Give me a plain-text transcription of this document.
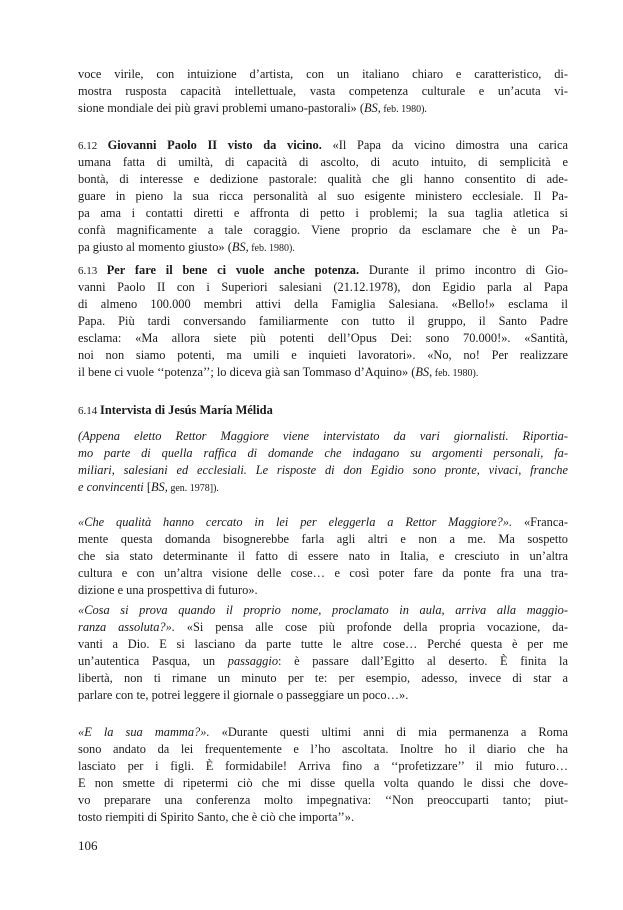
voce virile, con intuizione d’artista, con un italiano chiaro e caratteristico, di-
mostra rusposta capacità intellettuale, vasta competenza culturale e un’acuta vi-
sione mondiale dei più gravi problemi umano-pastorali» (BS, feb. 1980).
6.12 Giovanni Paolo II visto da vicino. «Il Papa da vicino dimostra una carica
umana fatta di umiltà, di capacità di ascolto, di acuto intuito, di semplicità e
bontà, di interesse e dedizione pastorale: qualità che gli hanno consentito di ade-
guare in pieno la sua ricca personalità al suo esigente ministero ecclesiale. Il Pa-
pa ama i contatti diretti e affronta di petto i problemi; la sua taglia atletica si
confà magnificamente a tale coraggio. Viene proprio da esclamare che è un Pa-
pa giusto al momento giusto» (BS, feb. 1980).
6.13 Per fare il bene ci vuole anche potenza. Durante il primo incontro di Gio-
vanni Paolo II con i Superiori salesiani (21.12.1978), don Egidio parla al Papa
di almeno 100.000 membri attivi della Famiglia Salesiana. «Bello!» esclama il
Papa. Più tardi conversando familiarmente con tutto il gruppo, il Santo Padre
esclama: «Ma allora siete più potenti dell’Opus Dei: sono 70.000!». «Santità,
noi non siamo potenti, ma umili e inquieti lavoratori». «No, no! Per realizzare
il bene ci vuole ‘‘potenza’’; lo diceva già san Tommaso d’Aquino» (BS, feb. 1980).
6.14 Intervista di Jesús María Mélida
(Appena eletto Rettor Maggiore viene intervistato da vari giornalisti. Riportia-
mo parte di quella raffica di domande che indagano su argomenti personali, fa-
miliari, salesiani ed ecclesiali. Le risposte di don Egidio sono pronte, vivaci, franche
e convincenti [BS, gen. 1978]).
«Che qualità hanno cercato in lei per eleggerla a Rettor Maggiore?». «Franca-
mente questa domanda bisognerebbe farla agli altri e non a me. Ma sospetto
che sia stato determinante il fatto di essere nato in Italia, e cresciuto in un’altra
cultura e con un’altra visione delle cose… e così poter fare da ponte fra una tra-
dizione e una prospettiva di futuro».
«Cosa si prova quando il proprio nome, proclamato in aula, arriva alla maggio-
ranza assoluta?». «Si pensa alle cose più profonde della propria vocazione, da-
vanti a Dio. E si lasciano da parte tutte le altre cose… Perché questa è per me
un’autentica Pasqua, un passaggio: è passare dall’Egitto al deserto. È finita la
libertà, non ti rimane un minuto per te: per esempio, adesso, invece di star a
parlare con te, potrei leggere il giornale o passeggiare un poco…».
«E la sua mamma?». «Durante questi ultimi anni di mia permanenza a Roma
sono andato da lei frequentemente e l’ho ascoltata. Inoltre ho il diario che ha
lasciato per i figli. È formidabile! Arriva fino a ‘‘profetizzare’’ il mio futuro…
E non smette di ripetermi ciò che mi disse quella volta quando le dissi che dove-
vo preparare una conferenza molto impegnativa: ‘‘Non preoccuparti tanto; piut-
tosto riempiti di Spirito Santo, che è ciò che importa’’».
106
